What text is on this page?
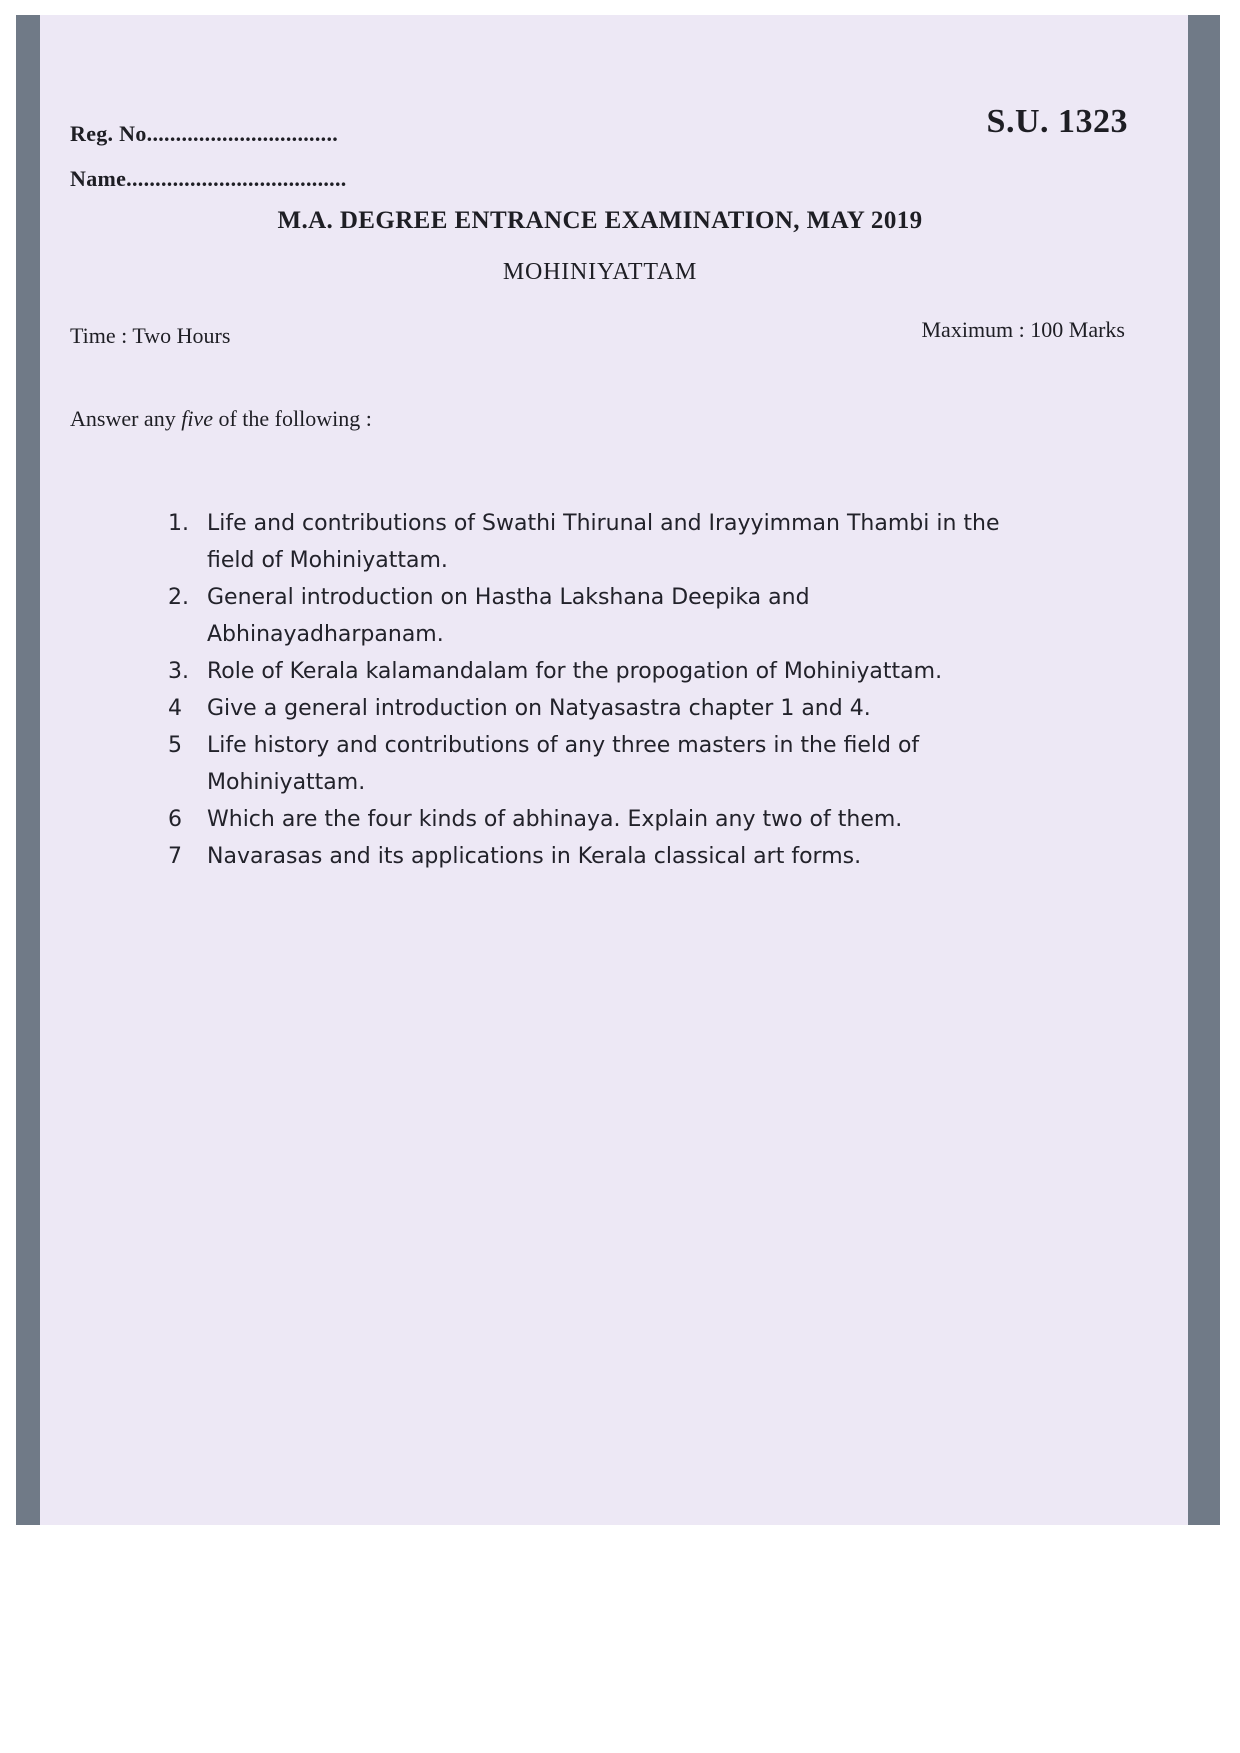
Reg. No.................................
Name......................................
S.U. 1323
M.A. DEGREE ENTRANCE EXAMINATION, MAY 2019
MOHINIYATTAM
Time : Two Hours	Maximum : 100 Marks
Answer any five of the following :
1. Life and contributions of Swathi Thirunal and Irayyimman Thambi in the field of Mohiniyattam.
2. General introduction on Hastha Lakshana Deepika and Abhinayadharpanam.
3. Role of Kerala kalamandalam for the propogation of Mohiniyattam.
4	Give a general introduction on Natyasastra chapter 1 and 4.
5	Life history and contributions of any three masters in the field of Mohiniyattam.
6	Which are the four kinds of abhinaya. Explain any two of them.
7	Navarasas and its applications in Kerala classical art forms.
